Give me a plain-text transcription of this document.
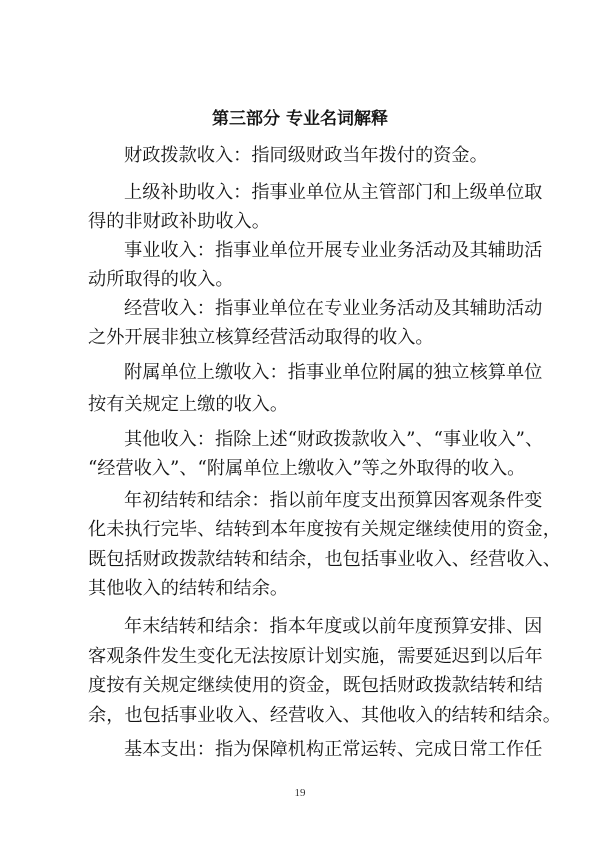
第三部分 专业名词解释
财政拨款收入：指同级财政当年拨付的资金。
上级补助收入：指事业单位从主管部门和上级单位取
得的非财政补助收入。
事业收入：指事业单位开展专业业务活动及其辅助活
动所取得的收入。
经营收入：指事业单位在专业业务活动及其辅助活动
之外开展非独立核算经营活动取得的收入。
附属单位上缴收入：指事业单位附属的独立核算单位
按有关规定上缴的收入。
其他收入：指除上述“财政拨款收入”、“事业收入”、
“经营收入”、“附属单位上缴收入”等之外取得的收入。
年初结转和结余：指以前年度支出预算因客观条件变
化未执行完毕、结转到本年度按有关规定继续使用的资金，
既包括财政拨款结转和结余，也包括事业收入、经营收入、
其他收入的结转和结余。
年末结转和结余：指本年度或以前年度预算安排、因
客观条件发生变化无法按原计划实施，需要延迟到以后年
度按有关规定继续使用的资金，既包括财政拨款结转和结
余，也包括事业收入、经营收入、其他收入的结转和结余。
基本支出：指为保障机构正常运转、完成日常工作任
19
